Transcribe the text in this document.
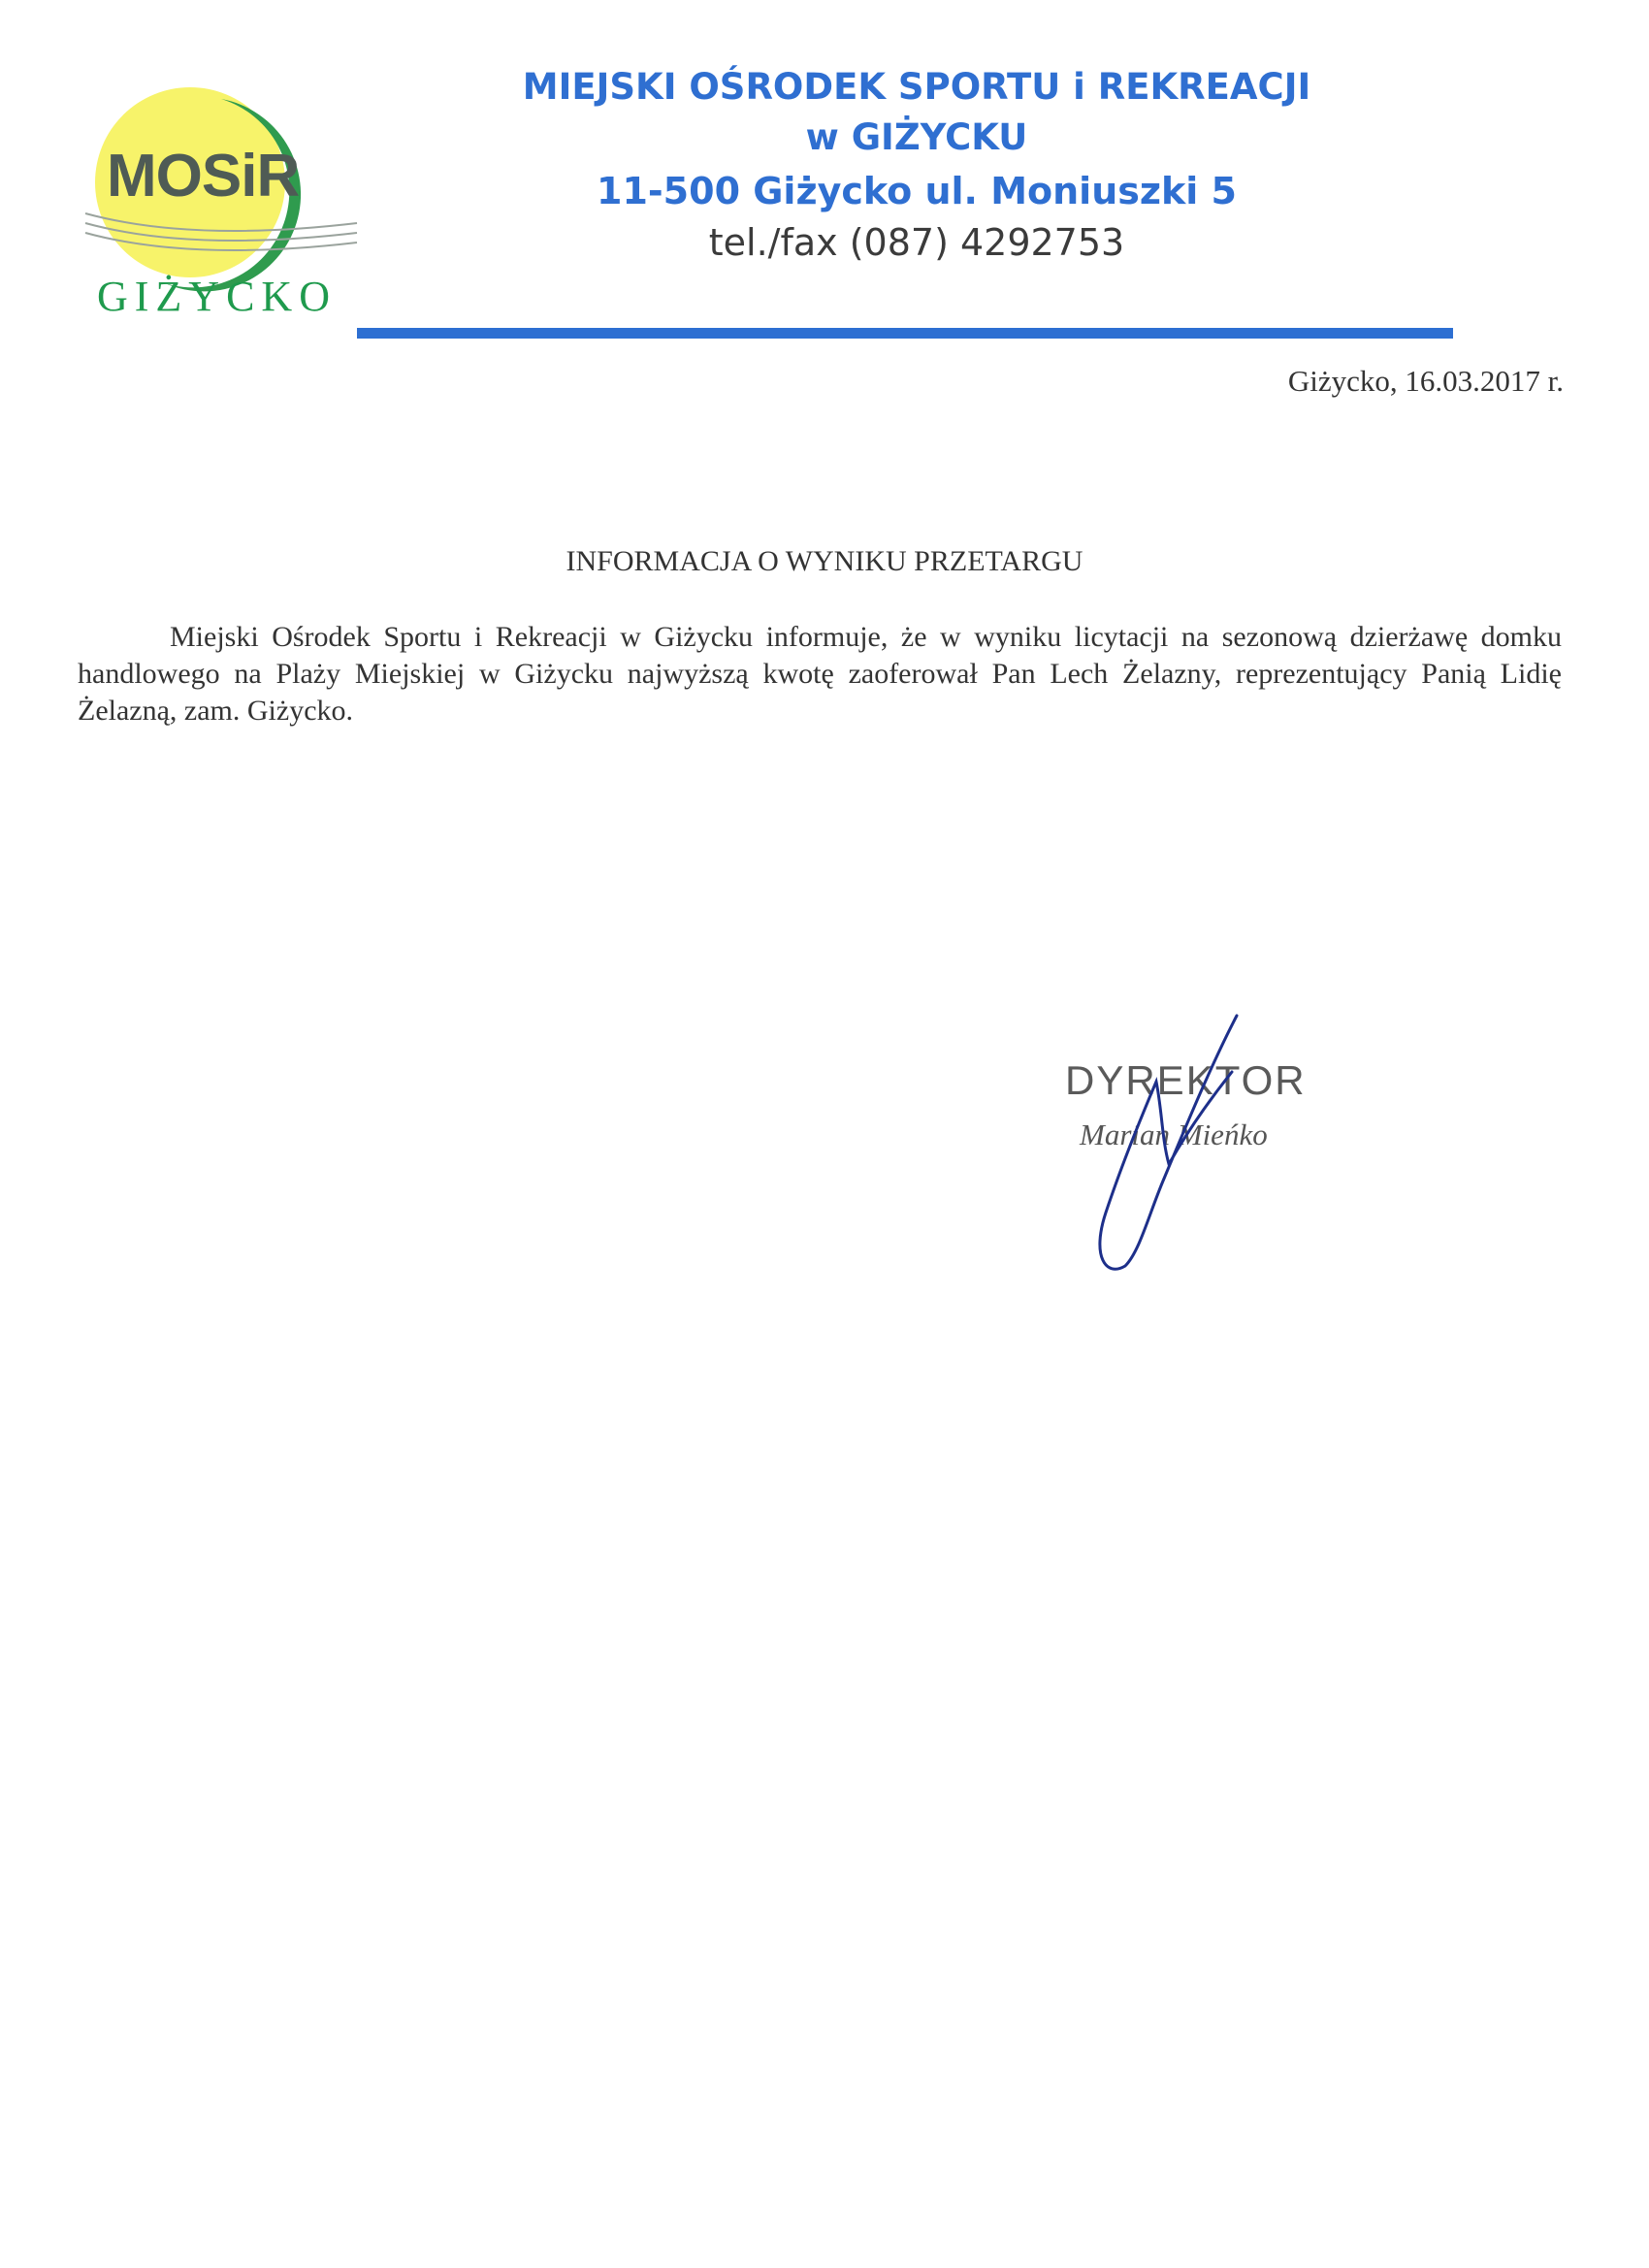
MOSiR
GIŻYCKO
MIEJSKI OŚRODEK SPORTU i REKREACJI
w GIŻYCKU
11-500 Giżycko ul. Moniuszki 5
tel./fax (087) 4292753
Giżycko, 16.03.2017 r.
INFORMACJA O WYNIKU PRZETARGU
Miejski Ośrodek Sportu i Rekreacji w Giżycku informuje, że w wyniku licytacji na sezonową dzierżawę domku handlowego na Plaży Miejskiej w Giżycku najwyższą kwotę zaoferował Pan Lech Żelazny, reprezentujący Panią Lidię Żelazną, zam. Giżycko.
DYREKTOR
Marian Mieńko
